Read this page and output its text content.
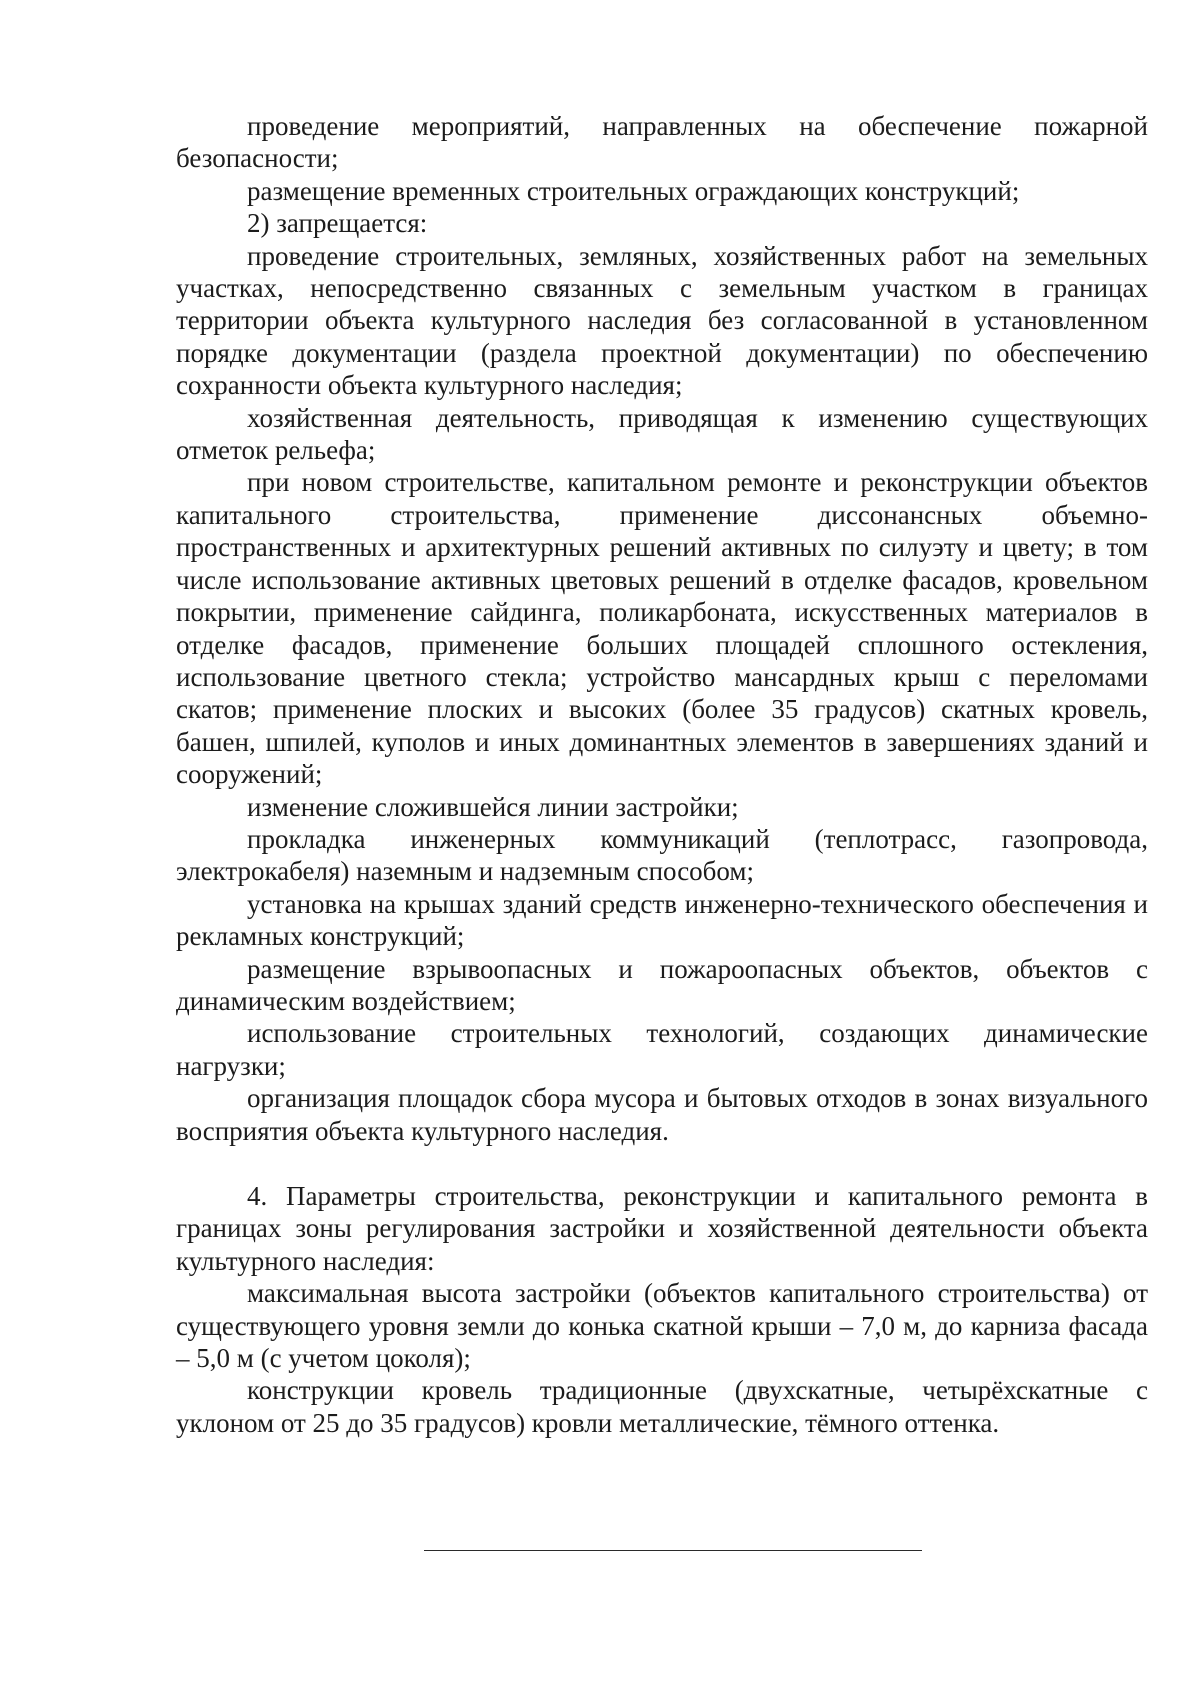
проведение мероприятий, направленных на обеспечение пожарной безопасности;

размещение временных строительных ограждающих конструкций;

2) запрещается:

проведение строительных, земляных, хозяйственных работ на земельных участках, непосредственно связанных с земельным участком в границах территории объекта культурного наследия без согласованной в установленном порядке документации (раздела проектной документации) по обеспечению сохранности объекта культурного наследия;

хозяйственная деятельность, приводящая к изменению существующих отметок рельефа;

при новом строительстве, капитальном ремонте и реконструкции объектов капитального строительства, применение диссонансных объемно-пространственных и архитектурных решений активных по силуэту и цвету; в том числе использование активных цветовых решений в отделке фасадов, кровельном покрытии, применение сайдинга, поликарбоната, искусственных материалов в отделке фасадов, применение больших площадей сплошного остекления, использование цветного стекла; устройство мансардных крыш с переломами скатов; применение плоских и высоких (более 35 градусов) скатных кровель, башен, шпилей, куполов и иных доминантных элементов в завершениях зданий и сооружений;

изменение сложившейся линии застройки;

прокладка инженерных коммуникаций (теплотрасс, газопровода, электрокабеля) наземным и надземным способом;

установка на крышах зданий средств инженерно-технического обеспечения и рекламных конструкций;

размещение взрывоопасных и пожароопасных объектов, объектов с динамическим воздействием;

использование строительных технологий, создающих динамические нагрузки;

организация площадок сбора мусора и бытовых отходов в зонах визуального восприятия объекта культурного наследия.

4. Параметры строительства, реконструкции и капитального ремонта в границах зоны регулирования застройки и хозяйственной деятельности объекта культурного наследия:

максимальная высота застройки (объектов капитального строительства) от существующего уровня земли до конька скатной крыши – 7,0 м, до карниза фасада – 5,0 м (с учетом цоколя);

конструкции кровель традиционные (двухскатные, четырёхскатные с уклоном от 25 до 35 градусов) кровли металлические, тёмного оттенка.
